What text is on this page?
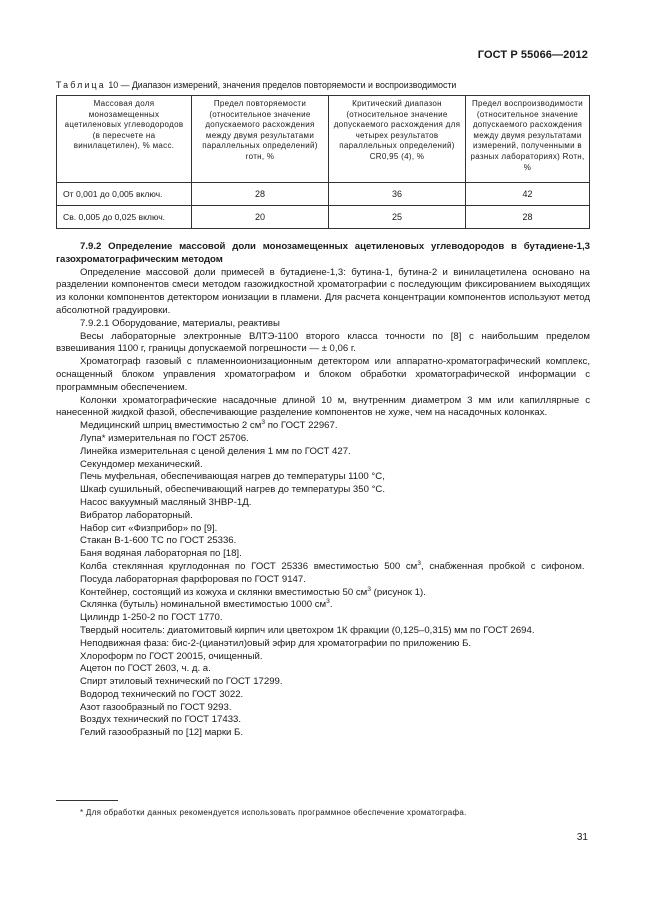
ГОСТ Р 55066—2012
Таблица 10 — Диапазон измерений, значения пределов повторяемости и воспроизводимости
Массовая доля монозамещенных ацетиленовых углеводородов (в пересчете на винилацетилен), % масс.	Предел повторяемости (относительное значение допускаемого расхождения между двумя результатами параллельных определений) rотн, %	Критический диапазон (относительное значение допускаемого расхождения для четырех результатов параллельных определений) CR0,95 (4), %	Предел воспроизводимости (относительное значение допускаемого расхождения между двумя результатами измерений, полученными в разных лабораториях) Rотн, %
От 0,001 до 0,005 включ.	28	36	42
Св. 0,005 до 0,025 включ.	20	25	28

7.9.2 Определение массовой доли монозамещенных ацетиленовых углеводородов в бутадиене-1,3 газохроматографическим методом

Определение массовой доли примесей в бутадиене-1,3: бутина-1, бутина-2 и винилацетилена основано на разделении компонентов смеси методом газожидкостной хроматографии с последующим фиксированием выходящих из колонки компонентов детектором ионизации в пламени. Для расчета концентрации компонентов используют метод абсолютной градуировки.

7.9.2.1 Оборудование, материалы, реактивы

Весы лабораторные электронные ВЛТЭ-1100 второго класса точности по [8] с наибольшим пределом взвешивания 1100 г, границы допускаемой погрешности — ± 0,06 г.

Хроматограф газовый с пламенноионизационным детектором или аппаратно-хроматографический комплекс, оснащенный блоком управления хроматографом и блоком обработки хроматографической информации с программным обеспечением.

Колонки хроматографические насадочные длиной 10 м, внутренним диаметром 3 мм или капиллярные с нанесенной жидкой фазой, обеспечивающие разделение компонентов не хуже, чем на насадочных колонках.

Медицинский шприц вместимостью 2 $см^3$ по ГОСТ 22967.

Лупа* измерительная по ГОСТ 25706.

Линейка измерительная с ценой деления 1 мм по ГОСТ 427.

Секундомер механический.

Печь муфельная, обеспечивающая нагрев до температуры 1100 °С,

Шкаф сушильный, обеспечивающий нагрев до температуры 350 °С.

Насос вакуумный масляный 3НВР-1Д.

Вибратор лабораторный.

Набор сит «Физприбор» по [9].

Стакан В-1-600 ТС по ГОСТ 25336.

Баня водяная лабораторная по [18].

Колба стеклянная круглодонная по ГОСТ 25336 вместимостью 500 $см^3$, снабженная пробкой с сифоном.

Посуда лабораторная фарфоровая по ГОСТ 9147.

Контейнер, состоящий из кожуха и склянки вместимостью 50 $см^3$ (рисунок 1).

Склянка (бутыль) номинальной вместимостью 1000 $см^3$.

Цилиндр 1-250-2 по ГОСТ 1770.

Твердый носитель: диатомитовый кирпич или цветохром 1К фракции (0,125–0,315) мм по ГОСТ 2694.

Неподвижная фаза: бис-2-(цианэтил)овый эфир для хроматографии по приложению Б.

Хлороформ по ГОСТ 20015, очищенный.

Ацетон по ГОСТ 2603, ч. д. а.

Спирт этиловый технический по ГОСТ 17299.

Водород технический по ГОСТ 3022.

Азот газообразный по ГОСТ 9293.

Воздух технический по ГОСТ 17433.

Гелий газообразный по [12] марки Б.

* Для обработки данных рекомендуется использовать программное обеспечение хроматографа.
31
